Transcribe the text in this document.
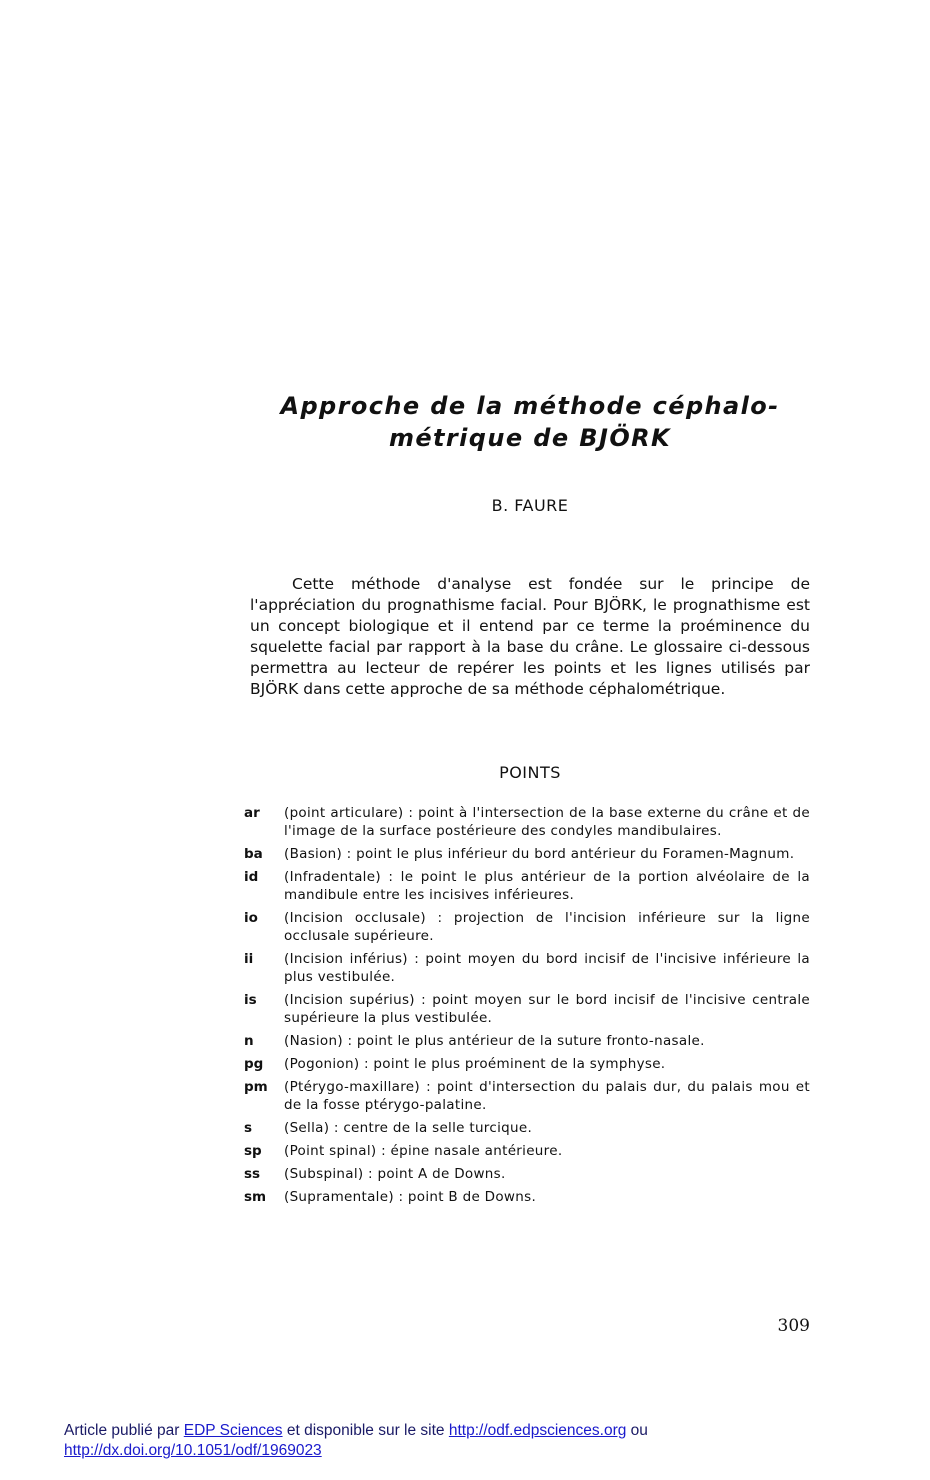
Approche de la méthode céphalo-
métrique de BJÖRK
B. FAURE

Cette méthode d'analyse est fondée sur le principe de l'appréciation du prognathisme facial. Pour BJÖRK, le prognathisme est un concept biologique et il entend par ce terme la proéminence du squelette facial par rapport à la base du crâne. Le glossaire ci-dessous permettra au lecteur de repérer les points et les lignes utilisés par BJÖRK dans cette approche de sa méthode céphalométrique.

POINTS
ar	(point articulare) : point à l'intersection de la base externe du crâne et de l'image de la surface postérieure des condyles mandibulaires.
ba	(Basion) : point le plus inférieur du bord antérieur du Foramen-Magnum.
id	(Infradentale) : le point le plus antérieur de la portion alvéolaire de la mandibule entre les incisives inférieures.
io	(Incision occlusale) : projection de l'incision inférieure sur la ligne occlusale supérieure.
ii	(Incision inférius) : point moyen du bord incisif de l'incisive inférieure la plus vestibulée.
is	(Incision supérius) : point moyen sur le bord incisif de l'incisive centrale supérieure la plus vestibulée.
n	(Nasion) : point le plus antérieur de la suture fronto-nasale.
pg	(Pogonion) : point le plus proéminent de la symphyse.
pm	(Ptérygo-maxillare) : point d'intersection du palais dur, du palais mou et de la fosse ptérygo-palatine.
s	(Sella) : centre de la selle turcique.
sp	(Point spinal) : épine nasale antérieure.
ss	(Subspinal) : point A de Downs.
sm	(Supramentale) : point B de Downs.
309
Article publié par EDP Sciences et disponible sur le site http://odf.edpsciences.org ou
http://dx.doi.org/10.1051/odf/1969023
